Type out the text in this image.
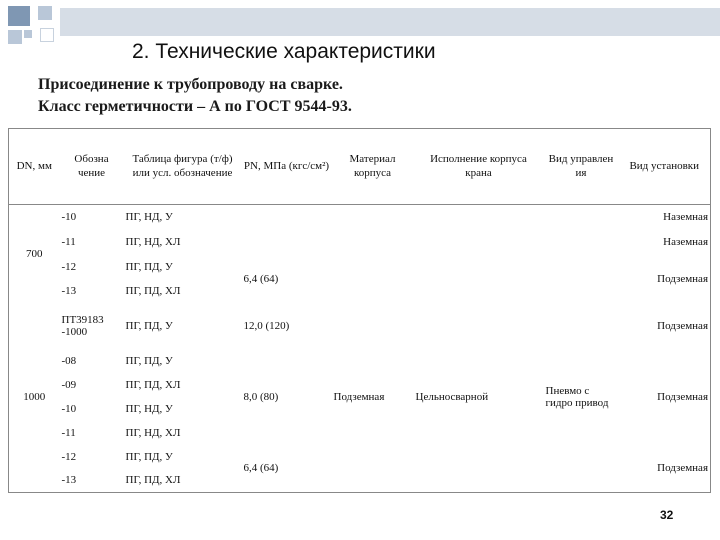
2. Технические характеристики
Присоединение к трубопроводу на сварке.
Класс герметичности – А по ГОСТ 9544-93.
DN, мм	Обозна чение	Таблица фигура (т/ф) или усл. обозначение	PN, МПа (кгс/см²)	Материал корпуса	Исполнение корпуса крана	Вид управлен ия	Вид установки
700	-10	ПГ, НД, У					Наземная
	-11	ПГ, НД, ХЛ					Наземная
	-12	ПГ, ПД, У	6,4 (64)				Подземная
	-13	ПГ, ПД, ХЛ					
1000	ПТ39183 -1000	ПГ, ПД, У	12,0 (120)				Подземная
	-08	ПГ, ПД, У	8,0 (80)	Подземная	Цельносварной	Пневмо с гидро привод	Подземная
	-09	ПГ, ПД, ХЛ					
	-10	ПГ, НД, У					
	-11	ПГ, НД, ХЛ					
	-12	ПГ, ПД, У	6,4 (64)				Подземная
	-13	ПГ, ПД, ХЛ					
32
